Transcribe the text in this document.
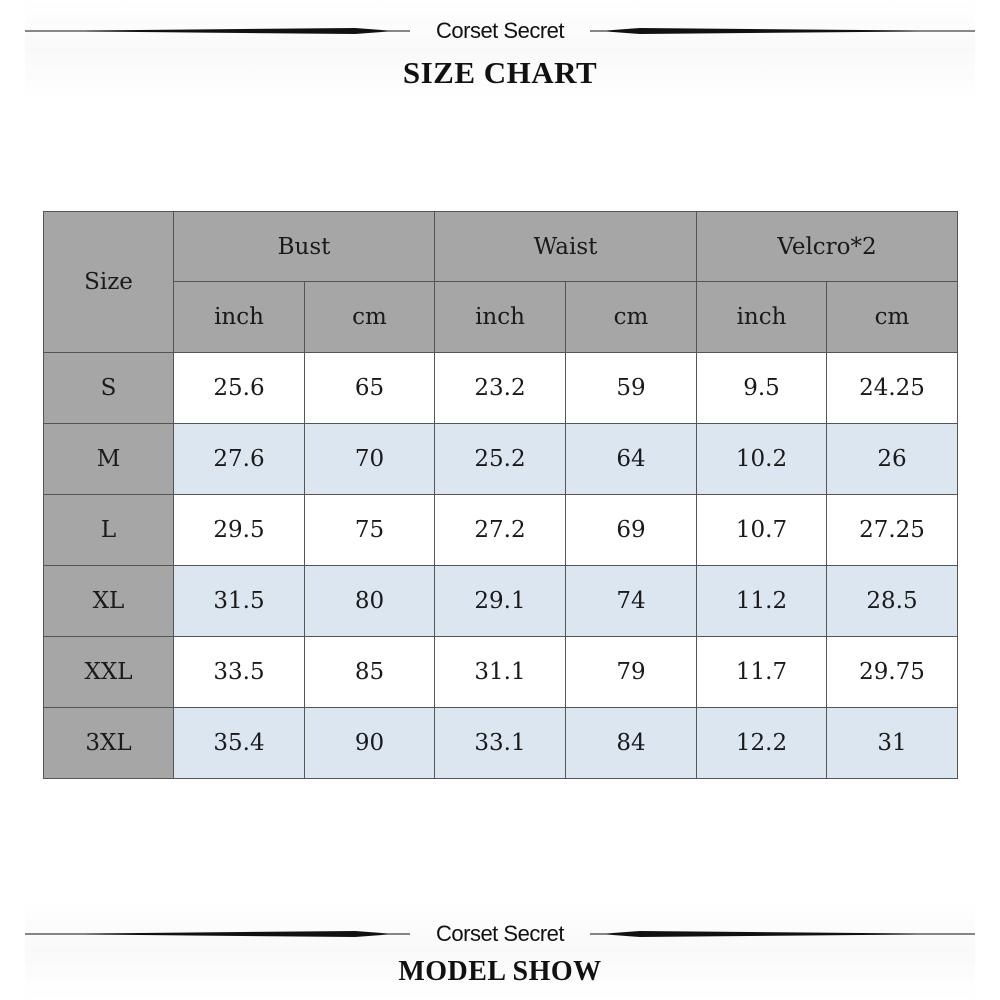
Corset Secret
SIZE CHART
Size	Bust		Waist		Velcro*2	
	inch	cm	inch	cm	inch	cm
S	25.6	65	23.2	59	9.5	24.25
M	27.6	70	25.2	64	10.2	26
L	29.5	75	27.2	69	10.7	27.25
XL	31.5	80	29.1	74	11.2	28.5
XXL	33.5	85	31.1	79	11.7	29.75
3XL	35.4	90	33.1	84	12.2	31
Corset Secret
MODEL SHOW
